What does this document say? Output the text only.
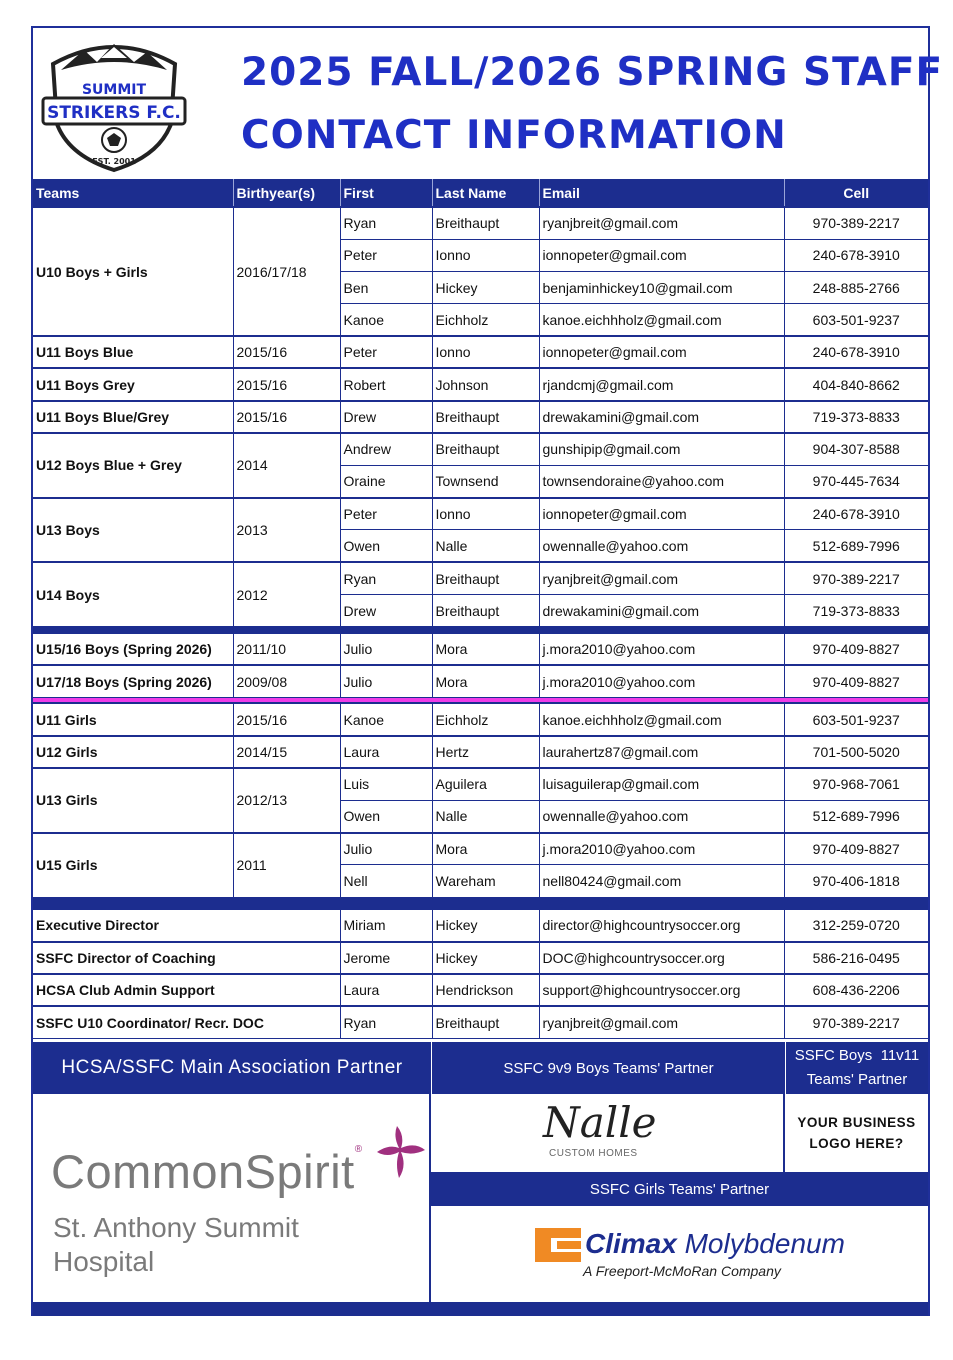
SUMMIT
STRIKERS F.C.
EST. 2001
2025 FALL/2026 SPRING STAFF
CONTACT INFORMATION
Teams	Birthyear(s)	First	Last Name	Email	Cell
U10 Boys + Girls	2016/17/18	Ryan	Breithaupt	ryanjbreit@gmail.com	970-389-2217
		Peter	Ionno	ionnopeter@gmail.com	240-678-3910
		Ben	Hickey	benjaminhickey10@gmail.com	248-885-2766
		Kanoe	Eichholz	kanoe.eichhholz@gmail.com	603-501-9237
U11 Boys Blue	2015/16	Peter	Ionno	ionnopeter@gmail.com	240-678-3910
U11 Boys Grey	2015/16	Robert	Johnson	rjandcmj@gmail.com	404-840-8662
U11 Boys Blue/Grey	2015/16	Drew	Breithaupt	drewakamini@gmail.com	719-373-8833
U12 Boys Blue + Grey	2014	Andrew	Breithaupt	gunshipip@gmail.com	904-307-8588
		Oraine	Townsend	townsendoraine@yahoo.com	970-445-7634
U13 Boys	2013	Peter	Ionno	ionnopeter@gmail.com	240-678-3910
		Owen	Nalle	owennalle@yahoo.com	512-689-7996
U14 Boys	2012	Ryan	Breithaupt	ryanjbreit@gmail.com	970-389-2217
		Drew	Breithaupt	drewakamini@gmail.com	719-373-8833

U15/16 Boys (Spring 2026)	2011/10	Julio	Mora	j.mora2010@yahoo.com	970-409-8827
U17/18 Boys (Spring 2026)	2009/08	Julio	Mora	j.mora2010@yahoo.com	970-409-8827

U11 Girls	2015/16	Kanoe	Eichholz	kanoe.eichhholz@gmail.com	603-501-9237
U12 Girls	2014/15	Laura	Hertz	laurahertz87@gmail.com	701-500-5020
U13 Girls	2012/13	Luis	Aguilera	luisaguilerap@gmail.com	970-968-7061
		Owen	Nalle	owennalle@yahoo.com	512-689-7996
U15 Girls	2011	Julio	Mora	j.mora2010@yahoo.com	970-409-8827
		Nell	Wareham	nell80424@gmail.com	970-406-1818

Executive Director		Miriam	Hickey	director@highcountrysoccer.org	312-259-0720
SSFC Director of Coaching		Jerome	Hickey	DOC@highcountrysoccer.org	586-216-0495
HCSA Club Admin Support		Laura	Hendrickson	support@highcountrysoccer.org	608-436-2206
SSFC U10 Coordinator/ Recr. DOC		Ryan	Breithaupt	ryanjbreit@gmail.com	970-389-2217
HCSA/SSFC Main Association Partner	SSFC 9v9 Boys Teams' Partner
SSFC Boys  11v11
Teams' Partner
CommonSpirit®
St. Anthony Summit
Hospital
Nalle
CUSTOM HOMES
YOUR BUSINESS
LOGO HERE?
SSFC Girls Teams' Partner
Climax Molybdenum
A Freeport-McMoRan Company
